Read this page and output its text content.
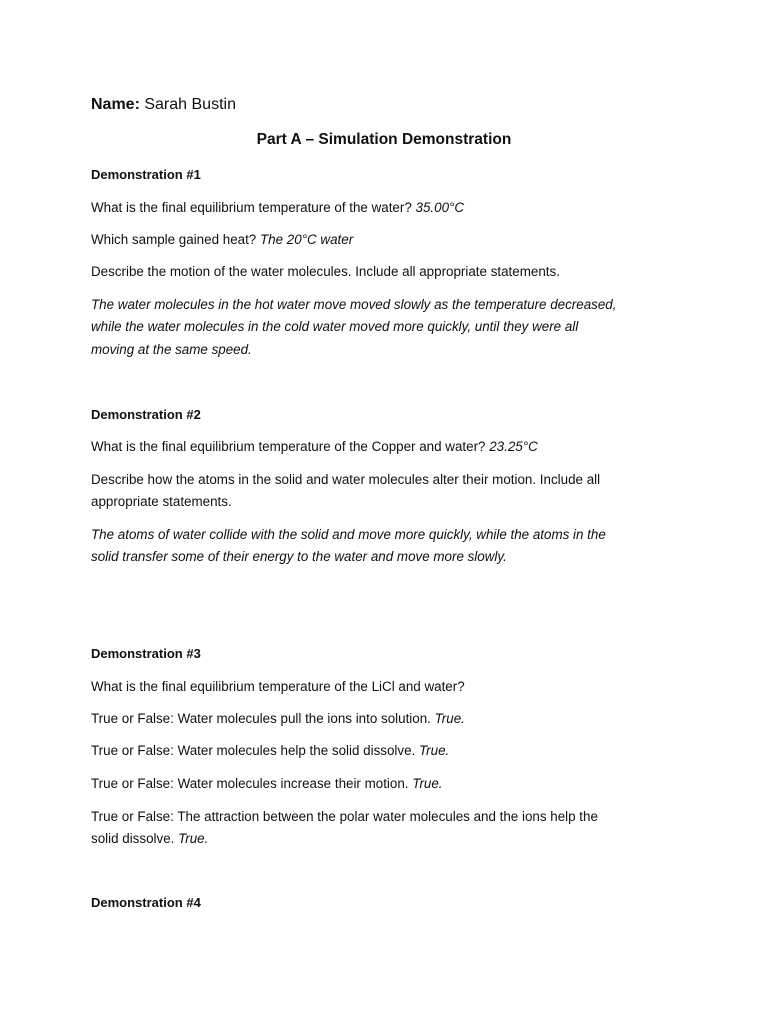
Name: Sarah Bustin
Part A – Simulation Demonstration
Demonstration #1
What is the final equilibrium temperature of the water? 35.00°C
Which sample gained heat? The 20°C water
Describe the motion of the water molecules. Include all appropriate statements.
The water molecules in the hot water move moved slowly as the temperature decreased,
while the water molecules in the cold water moved more quickly, until they were all
moving at the same speed.
Demonstration #2
What is the final equilibrium temperature of the Copper and water? 23.25°C
Describe how the atoms in the solid and water molecules alter their motion. Include all
appropriate statements.
The atoms of water collide with the solid and move more quickly, while the atoms in the
solid transfer some of their energy to the water and move more slowly.
Demonstration #3
What is the final equilibrium temperature of the LiCl and water?
True or False: Water molecules pull the ions into solution. True.
True or False: Water molecules help the solid dissolve. True.
True or False: Water molecules increase their motion. True.
True or False: The attraction between the polar water molecules and the ions help the
solid dissolve. True.
Demonstration #4
